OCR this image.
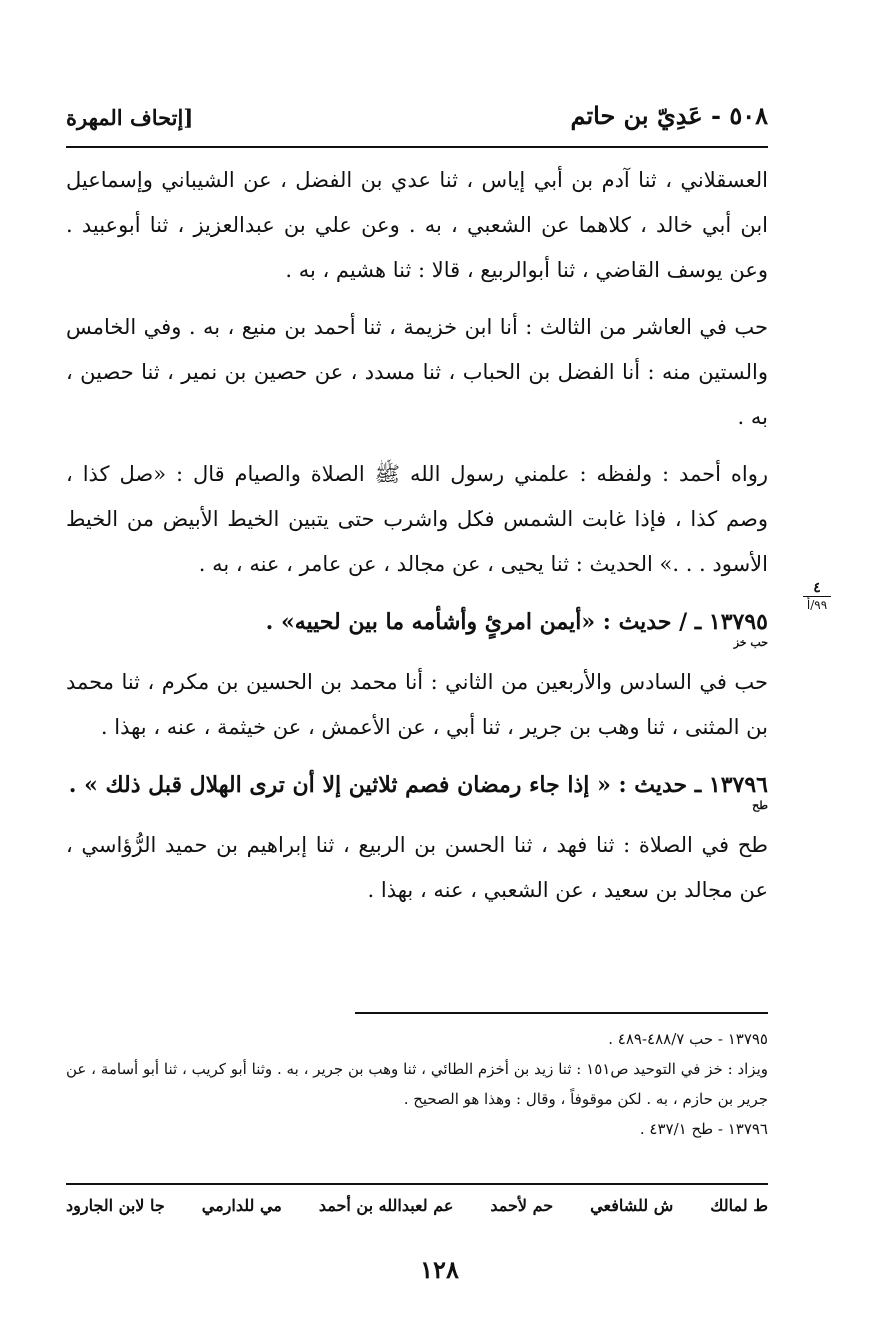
٥٠٨ - عَدِيّ بن حاتم
[إتحاف المهرة
٤
٩٩/أ

العسقلاني ، ثنا آدم بن أبي إياس ، ثنا عدي بن الفضل ، عن الشيباني وإسماعيل ابن أبي خالد ، كلاهما عن الشعبي ، به . وعن علي بن عبدالعزيز ، ثنا أبوعبيد . وعن يوسف القاضي ، ثنا أبوالربيع ، قالا : ثنا هشيم ، به .

حب في العاشر من الثالث : أنا ابن خزيمة ، ثنا أحمد بن منيع ، به . وفي الخامس والستين منه : أنا الفضل بن الحباب ، ثنا مسدد ، عن حصين بن نمير ، ثنا حصين ، به .

رواه أحمد : ولفظه : علمني رسول الله ﷺ الصلاة والصيام قال : «صل كذا ، وصم كذا ، فإذا غابت الشمس فكل واشرب حتى يتبين الخيط الأبيض من الخيط الأسود . . .» الحديث : ثنا يحيى ، عن مجالد ، عن عامر ، عنه ، به .

١٣٧٩٥ ـ / حديث : «أيمن امرئٍ وأشأمه ما بين لحييه» .
حب خز

حب في السادس والأربعين من الثاني : أنا محمد بن الحسين بن مكرم ، ثنا محمد بن المثنى ، ثنا وهب بن جرير ، ثنا أبي ، عن الأعمش ، عن خيثمة ، عنه ، بهذا .

١٣٧٩٦ ـ حديث : « إذا جاء رمضان فصم ثلاثين إلا أن ترى الهلال قبل ذلك » .
طح

طح في الصلاة : ثنا فهد ، ثنا الحسن بن الربيع ، ثنا إبراهيم بن حميد الرُّؤاسي ، عن مجالد بن سعيد ، عن الشعبي ، عنه ، بهذا .

١٣٧٩٥ - حب ٤٨٨/٧-٤٨٩ .
ويزاد : خز في التوحيد ص١٥١ : ثنا زيد بن أخزم الطائي ، ثنا وهب بن جرير ، به . وثنا أبو كريب ، ثنا أبو أسامة ، عن جرير بن حازم ، به . لكن موقوفاً ، وقال : وهذا هو الصحيح .
١٣٧٩٦ - طح ٤٣٧/١ .
ط لمالك
ش للشافعي
حم لأحمد
عم لعبدالله بن أحمد
مي للدارمي
جا لابن الجارود
١٢٨
